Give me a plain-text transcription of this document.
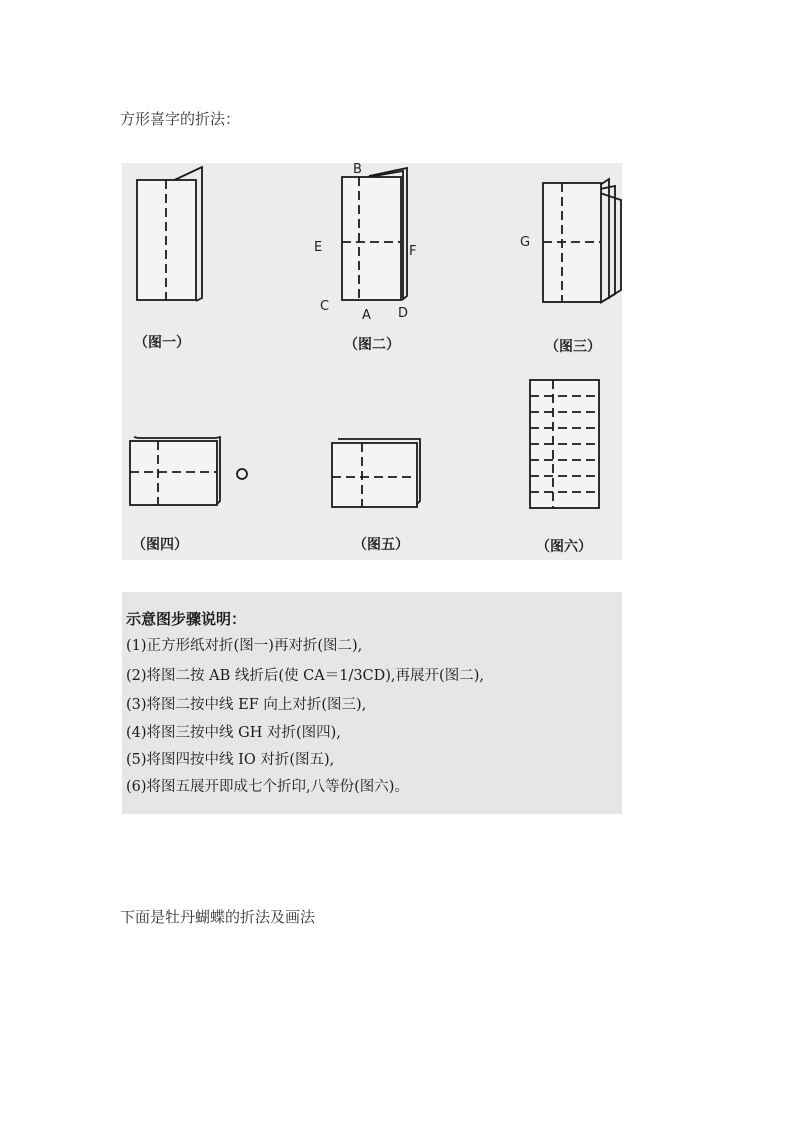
方形喜字的折法：
B
E	F
C
A D
G
O
（图一）	（图二）	（图三）
（图四）	（图五）	（图六）
示意图步骤说明：
(1)正方形纸对折(图一)再对折(图二),
(2)将图二按 AB 线折后(使 CA＝1/3CD),再展开(图二),
(3)将图二按中线 EF 向上对折(图三),
(4)将图三按中线 GH 对折(图四),
(5)将图四按中线 IO 对折(图五),
(6)将图五展开即成七个折印,八等份(图六)。
下面是牡丹蝴蝶的折法及画法
